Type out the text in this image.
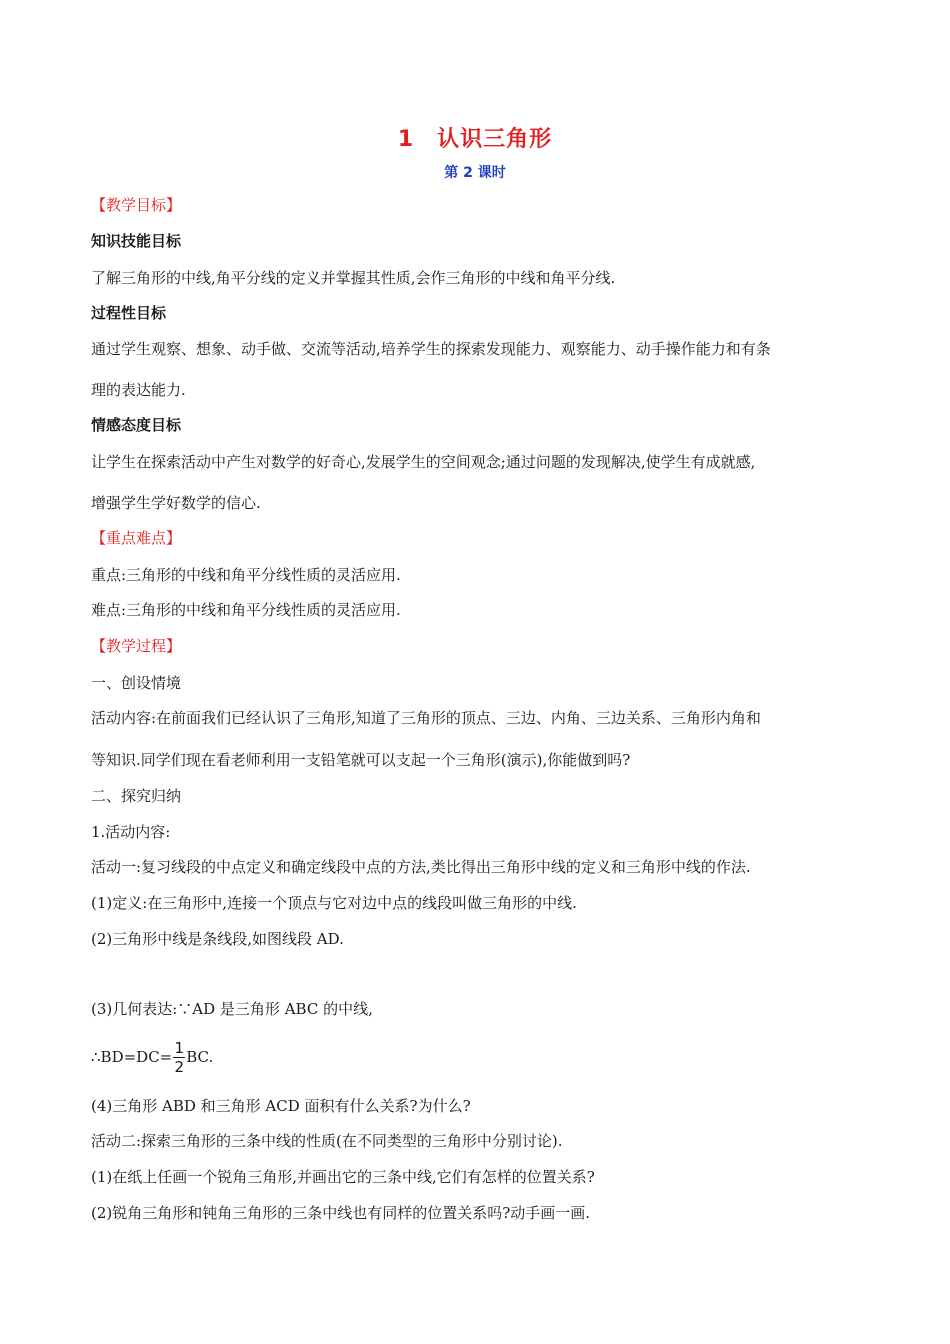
1　认识三角形
第 2 课时
【教学目标】
知识技能目标
了解三角形的中线,角平分线的定义并掌握其性质,会作三角形的中线和角平分线.
过程性目标
通过学生观察、想象、动手做、交流等活动,培养学生的探索发现能力、观察能力、动手操作能力和有条
理的表达能力.
情感态度目标
让学生在探索活动中产生对数学的好奇心,发展学生的空间观念;通过问题的发现解决,使学生有成就感,
增强学生学好数学的信心.
【重点难点】
重点:三角形的中线和角平分线性质的灵活应用.
难点:三角形的中线和角平分线性质的灵活应用.
【教学过程】
一、创设情境
活动内容:在前面我们已经认识了三角形,知道了三角形的顶点、三边、内角、三边关系、三角形内角和
等知识.同学们现在看老师利用一支铅笔就可以支起一个三角形(演示),你能做到吗?
二、探究归纳
1.活动内容:
活动一:复习线段的中点定义和确定线段中点的方法,类比得出三角形中线的定义和三角形中线的作法.
(1)定义:在三角形中,连接一个顶点与它对边中点的线段叫做三角形的中线.
(2)三角形中线是条线段,如图线段 AD.
(3)几何表达:∵AD 是三角形 ABC 的中线,
∴BD=DC=
1
2
BC.
(4)三角形 ABD 和三角形 ACD 面积有什么关系?为什么?
活动二:探索三角形的三条中线的性质(在不同类型的三角形中分别讨论).
(1)在纸上任画一个锐角三角形,并画出它的三条中线,它们有怎样的位置关系?
(2)锐角三角形和钝角三角形的三条中线也有同样的位置关系吗?动手画一画.
